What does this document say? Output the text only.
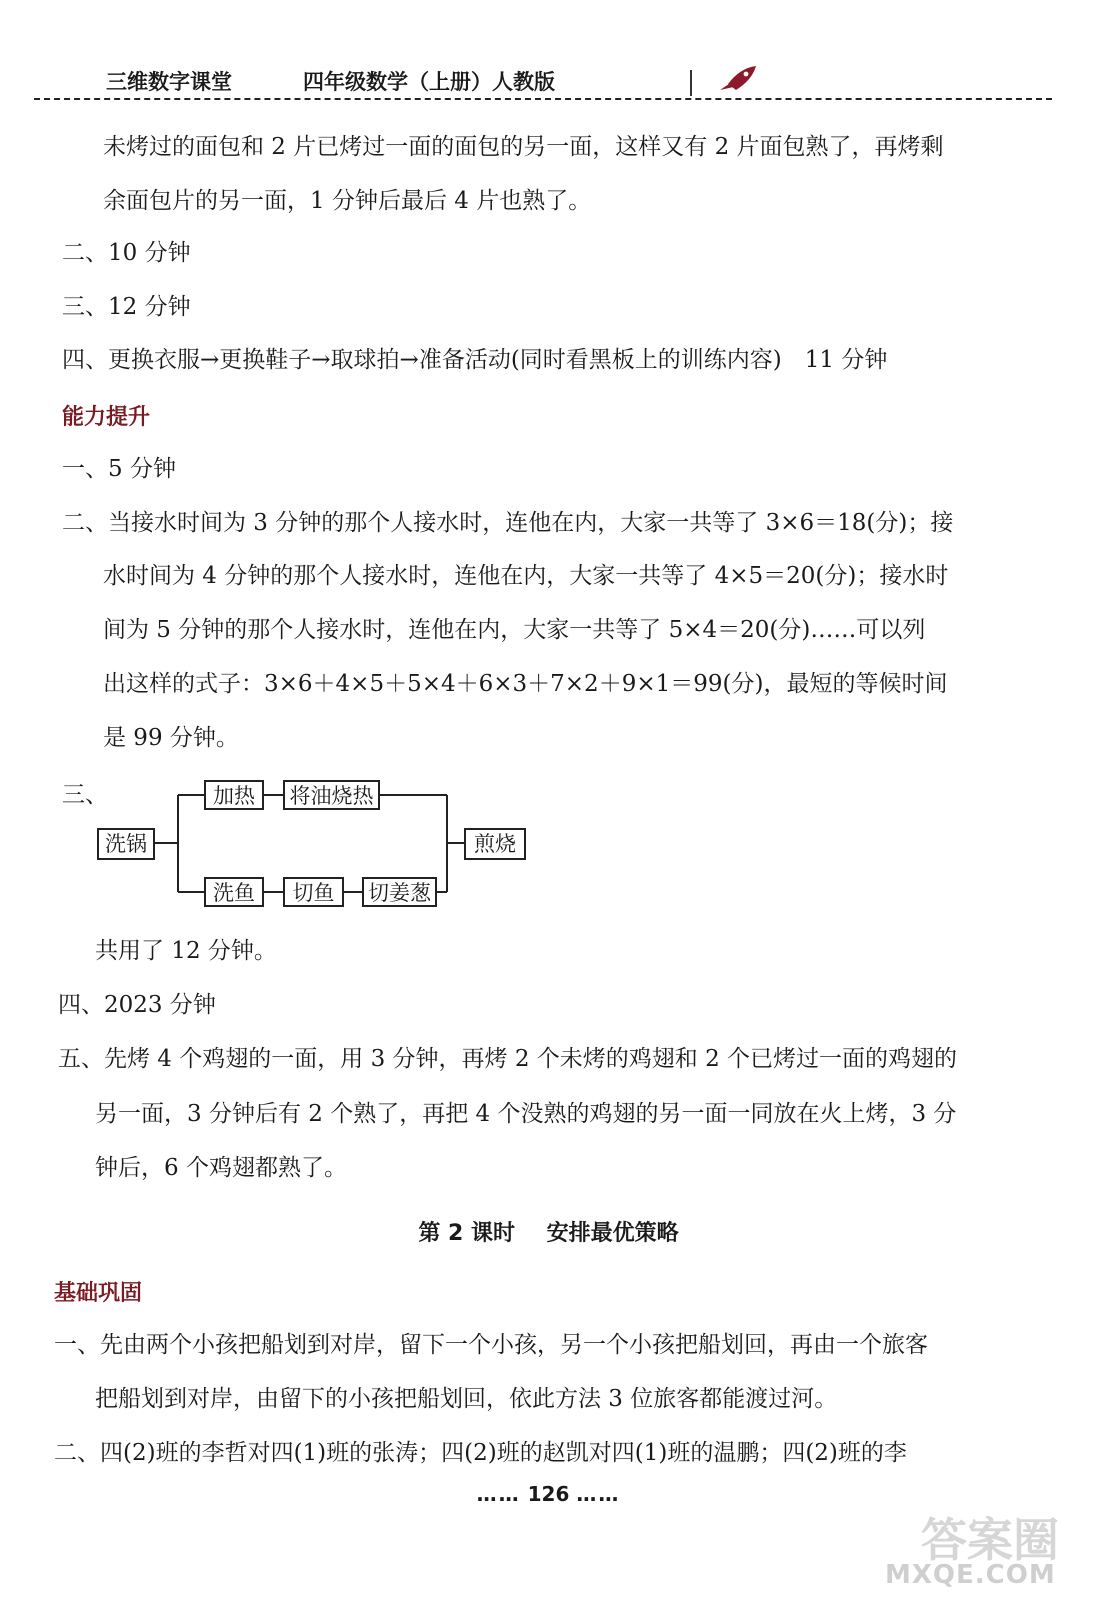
三维数字课堂	四年级数学（上册）人教版
未烤过的面包和 2 片已烤过一面的面包的另一面，这样又有 2 片面包熟了，再烤剩
余面包片的另一面，1 分钟后最后 4 片也熟了。
二、10 分钟
三、12 分钟
四、更换衣服→更换鞋子→取球拍→准备活动(同时看黑板上的训练内容)　11 分钟
能力提升
一、5 分钟
二、当接水时间为 3 分钟的那个人接水时，连他在内，大家一共等了 3×6＝18(分)；接
水时间为 4 分钟的那个人接水时，连他在内，大家一共等了 4×5＝20(分)；接水时
间为 5 分钟的那个人接水时，连他在内，大家一共等了 5×4＝20(分)……可以列
出这样的式子：3×6＋4×5＋5×4＋6×3＋7×2＋9×1＝99(分)，最短的等候时间
是 99 分钟。
三、
洗锅
加热	将油烧热
洗鱼	切鱼	切姜葱
煎烧
共用了 12 分钟。
四、2023 分钟
五、先烤 4 个鸡翅的一面，用 3 分钟，再烤 2 个未烤的鸡翅和 2 个已烤过一面的鸡翅的
另一面，3 分钟后有 2 个熟了，再把 4 个没熟的鸡翅的另一面一同放在火上烤，3 分
钟后，6 个鸡翅都熟了。
第 2 课时 安排最优策略
基础巩固
一、先由两个小孩把船划到对岸，留下一个小孩，另一个小孩把船划回，再由一个旅客
把船划到对岸，由留下的小孩把船划回，依此方法 3 位旅客都能渡过河。
二、四(2)班的李哲对四(1)班的张涛；四(2)班的赵凯对四(1)班的温鹏；四(2)班的李
…… 126 ……
答案圈
MXQE.COM
